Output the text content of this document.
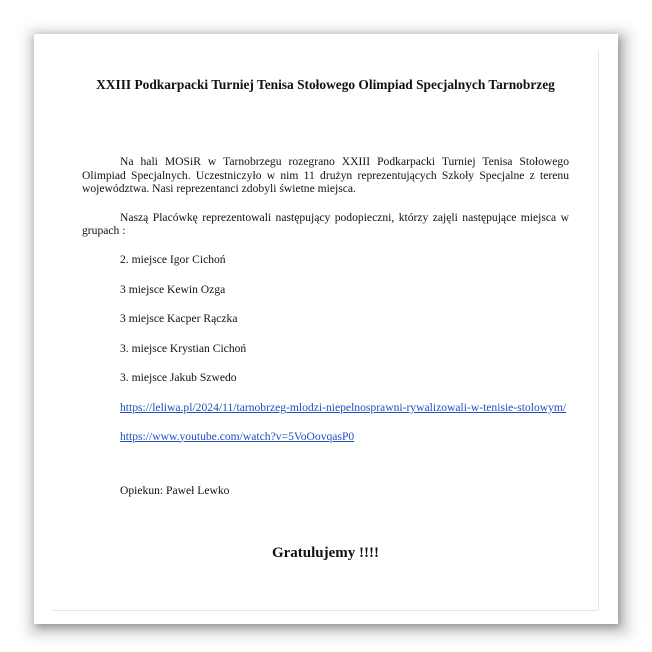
XXIII Podkarpacki Turniej Tenisa Stołowego Olimpiad Specjalnych Tarnobrzeg

Na hali MOSiR w Tarnobrzegu rozegrano XXIII Podkarpacki Turniej Tenisa Stołowego Olimpiad Specjalnych. Uczestniczyło w nim 11 drużyn reprezentujących Szkoły Specjalne z terenu województwa. Nasi reprezentanci zdobyli świetne miejsca.

Naszą Placówkę reprezentowali następujący podopieczni, którzy zajęli następujące miejsca w grupach :

2. miejsce Igor Cichoń

3 miejsce Kewin Ozga

3 miejsce Kacper Rączka

3. miejsce Krystian Cichoń

3. miejsce Jakub Szwedo

https://leliwa.pl/2024/11/tarnobrzeg-mlodzi-niepelnosprawni-rywalizowali-w-tenisie-stolowym/

https://www.youtube.com/watch?v=5VoOovqasP0

Opiekun: Paweł Lewko

Gratulujemy !!!!
